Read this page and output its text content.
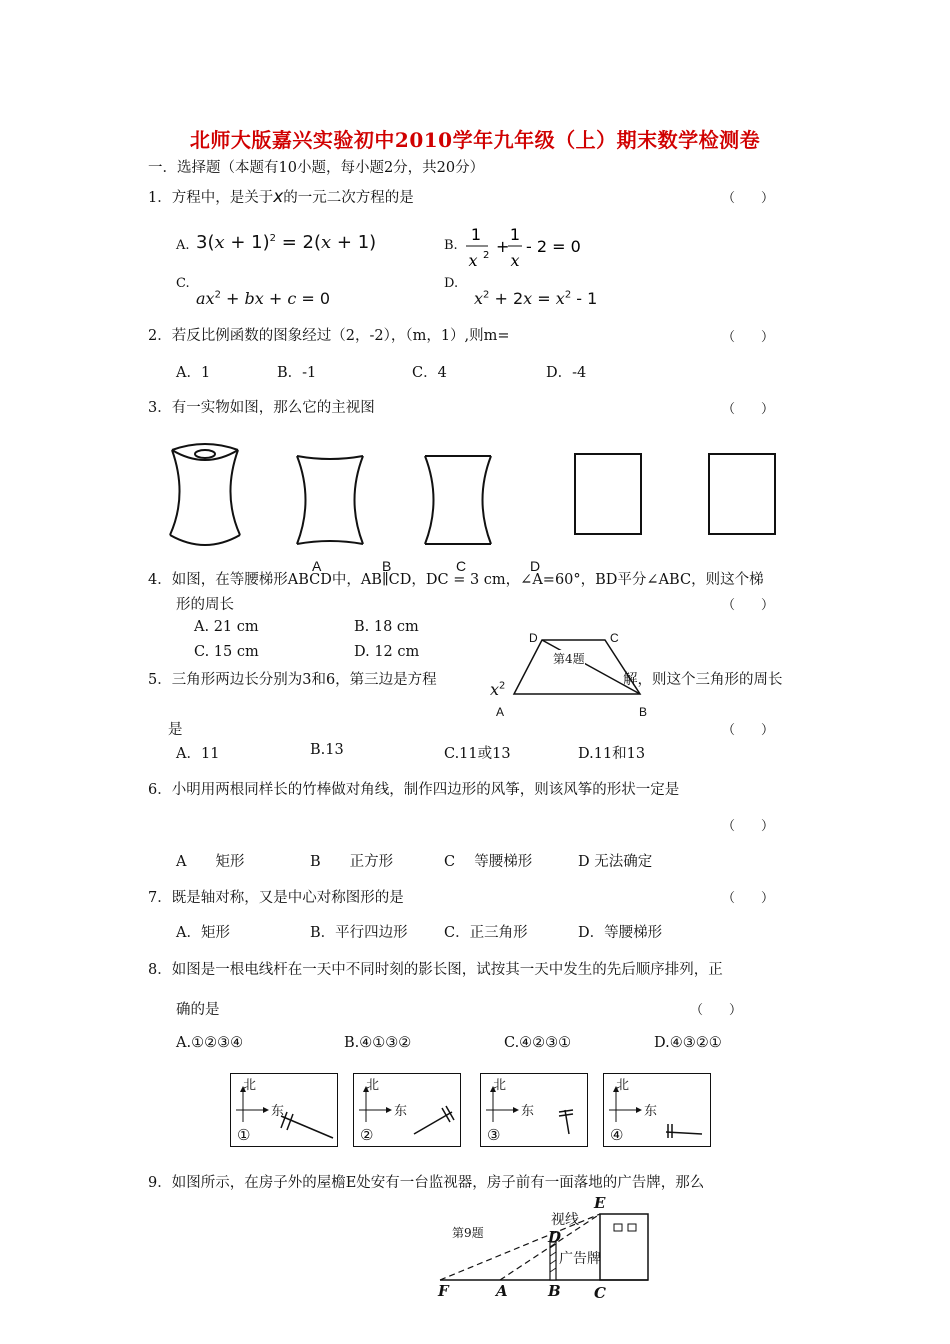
北师大版嘉兴实验初中2010学年九年级（上）期末数学检测卷
一．选择题（本题有10小题，每小题2分，共20分）
1．方程中，是关于x的一元二次方程的是	（　　）
A. $3(x + 1)^2 = 2(x + 1)$	B.
1
x 2 +
1
x
- 2 = 0
C.
$ax^2$ + bx + c = 0
D.
$x^2 + 2x = x^2 - 1$
2．若反比例函数的图象经过（2，-2），（m，1）,则m=	（　　）
A．1	B．-1	C．4	D．-4
3．有一实物如图，那么它的主视图	（　　）
A	B	C	D
4．如图，在等腰梯形ABCD中，AB∥CD，DC = 3 cm，∠A=60°，BD平分∠ABC，则这个梯
形的周长	（　　）
A. 21 cm	B. 18 cm
C. 15 cm	D. 12 cm
D	C
A	B
第4题
5．三角形两边长分别为3和6，第三边是方程	$x^2$	解，则这个三角形的周长
是	（　　）
A．11	B.13	C.11或13	D.11和13
6．小明用两根同样长的竹棒做对角线，制作四边形的风筝，则该风筝的形状一定是
（　　）
A　　矩形	B　　正方形	C　 等腰梯形	D 无法确定
7．既是轴对称，又是中心对称图形的是	（　　）
A．矩形	B．平行四边形	C．正三角形	D．等腰梯形
8．如图是一根电线杆在一天中不同时刻的影长图，试按其一天中发生的先后顺序排列，正
确的是	（　　）
A.①②③④	B.④①③②	C.④②③①	D.④③②①
北
东
①
北
东
②
北
东
③
北
东
④
9．如图所示，在房子外的屋檐E处安有一台监视器，房子前有一面落地的广告牌，那么
第9题
视线
广告牌
E
D
F	A	B C
